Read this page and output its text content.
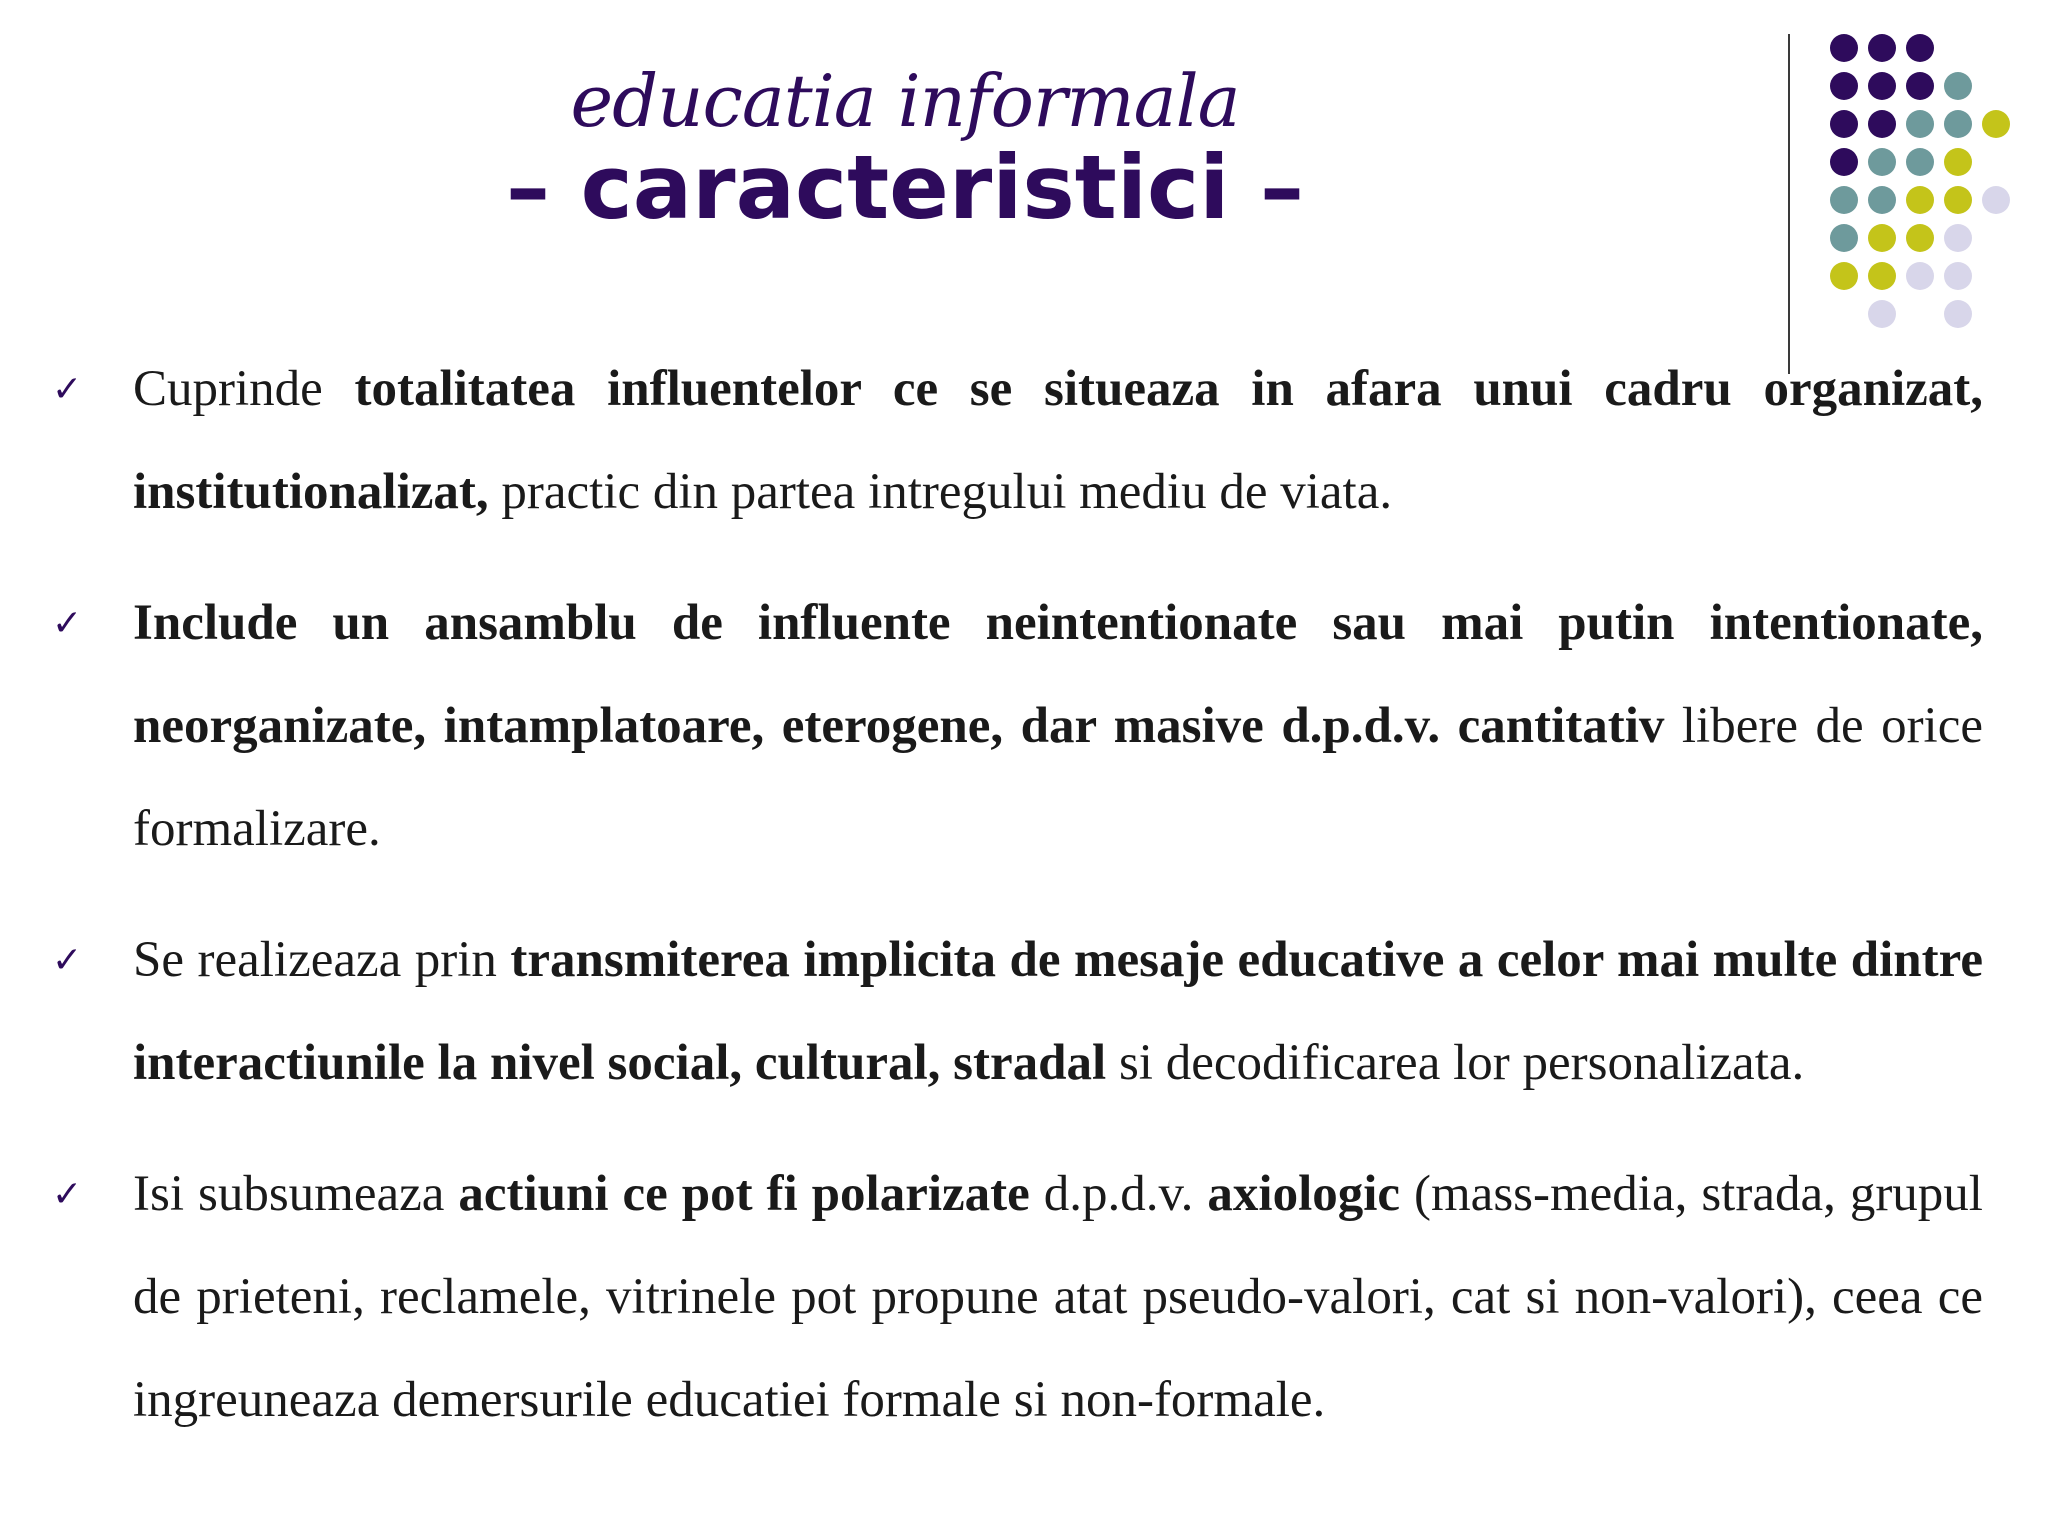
educatia informala
– caracteristici –
✓ Cuprinde totalitatea influentelor ce se situeaza in afara unui cadru organizat, institutionalizat, practic din partea intregului mediu de viata.
✓ Include un ansamblu de influente neintentionate sau mai putin intentionate, neorganizate, intamplatoare, eterogene, dar masive d.p.d.v. cantitativ libere de orice formalizare.
✓ Se realizeaza prin transmiterea implicita de mesaje educative a celor mai multe dintre interactiunile la nivel social, cultural, stradal si decodificarea lor personalizata.
✓ Isi subsumeaza actiuni ce pot fi polarizate d.p.d.v. axiologic (mass-media, strada, grupul de prieteni, reclamele, vitrinele pot propune atat pseudo-valori, cat si non-valori), ceea ce ingreuneaza demersurile educatiei formale si non-formale.
